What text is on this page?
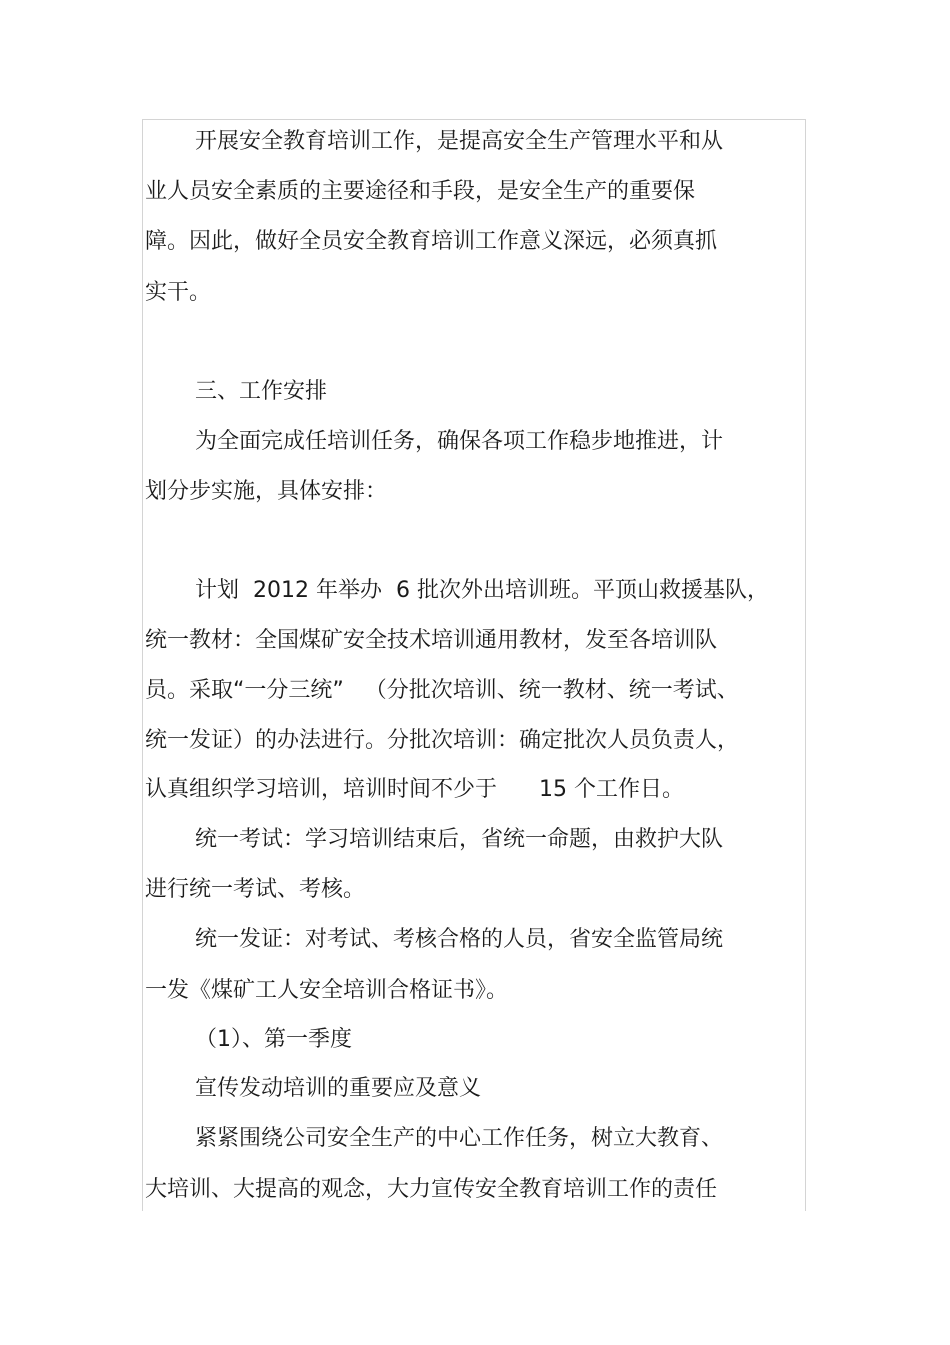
开展安全教育培训工作，是提高安全生产管理水平和从

业人员安全素质的主要途径和手段，是安全生产的重要保

障。因此，做好全员安全教育培训工作意义深远，必须真抓

实干。

三、工作安排

为全面完成任培训任务，确保各项工作稳步地推进，计

划分步实施，具体安排：

计划  2012 年举办  6 批次外出培训班。平顶山救援基队，

统一教材：全国煤矿安全技术培训通用教材，发至各培训队

员。采取“一分三统”   （分批次培训、统一教材、统一考试、

统一发证）的办法进行。分批次培训：确定批次人员负责人，

认真组织学习培训，培训时间不少于      15 个工作日。

统一考试：学习培训结束后，省统一命题，由救护大队

进行统一考试、考核。

统一发证：对考试、考核合格的人员，省安全监管局统

一发《煤矿工人安全培训合格证书》。

（1）、第一季度

宣传发动培训的重要应及意义

紧紧围绕公司安全生产的中心工作任务，树立大教育、

大培训、大提高的观念，大力宣传安全教育培训工作的责任
